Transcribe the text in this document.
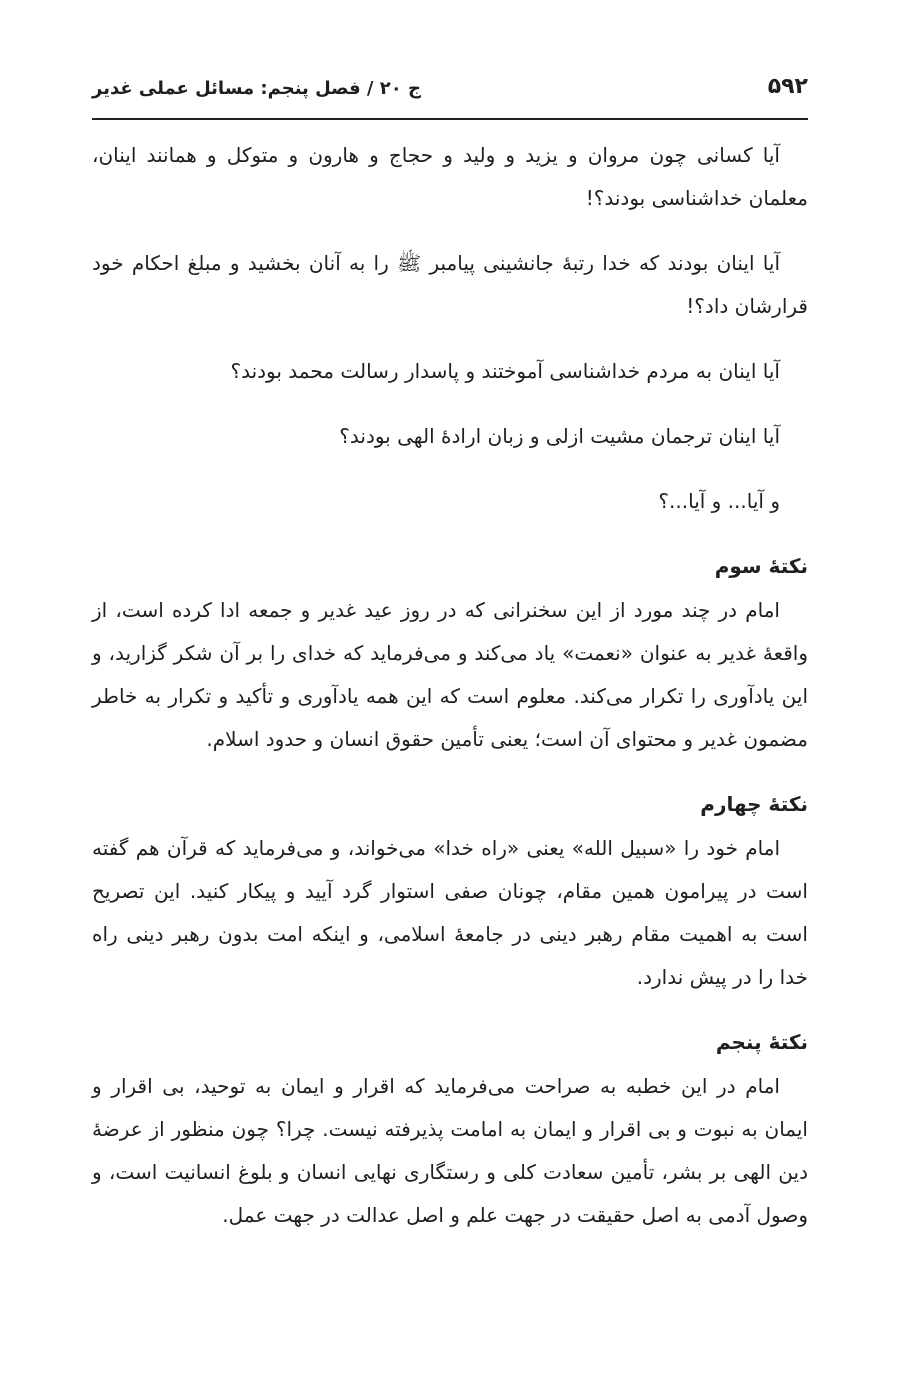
۵۹۲
ج ۲۰ / فصل پنجم: مسائل عملی غدیر

آیا کسانی چون مروان و یزید و ولید و حجاج و هارون و متوکل و همانند اینان، معلمان خداشناسی بودند؟!

آیا اینان بودند که خدا رتبهٔ جانشینی پیامبر ﷺ را به آنان بخشید و مبلغ احکام خود قرارشان داد؟!

آیا اینان به مردم خداشناسی آموختند و پاسدار رسالت محمد بودند؟
آیا اینان ترجمان مشیت ازلی و زبان ارادهٔ الهی بودند؟
و آیا... و آیا...؟
نکتهٔ سوم

امام در چند مورد از این سخنرانی که در روز عید غدیر و جمعه ادا کرده است، از واقعهٔ غدیر به عنوان «نعمت» یاد می‌کند و می‌فرماید که خدای را بر آن شکر گزارید، و این یادآوری را تکرار می‌کند. معلوم است که این همه یادآوری و تأکید و تکرار به خاطر مضمون غدیر و محتوای آن است؛ یعنی تأمین حقوق انسان و حدود اسلام.

نکتهٔ چهارم

امام خود را «سبیل الله» یعنی «راه خدا» می‌خواند، و می‌فرماید که قرآن هم گفته است در پیرامون همین مقام، چونان صفی استوار گرد آیید و پیکار کنید. این تصریح است به اهمیت مقام رهبر دینی در جامعهٔ اسلامی، و اینکه امت بدون رهبر دینی راه خدا را در پیش ندارد.

نکتهٔ پنجم

امام در این خطبه به صراحت می‌فرماید که اقرار و ایمان به توحید، بی اقرار و ایمان به نبوت و بی اقرار و ایمان به امامت پذیرفته نیست. چرا؟ چون منظور از عرضهٔ دین الهی بر بشر، تأمین سعادت کلی و رستگاری نهایی انسان و بلوغ انسانیت است، و وصول آدمی به اصل حقیقت در جهت علم و اصل عدالت در جهت عمل.
